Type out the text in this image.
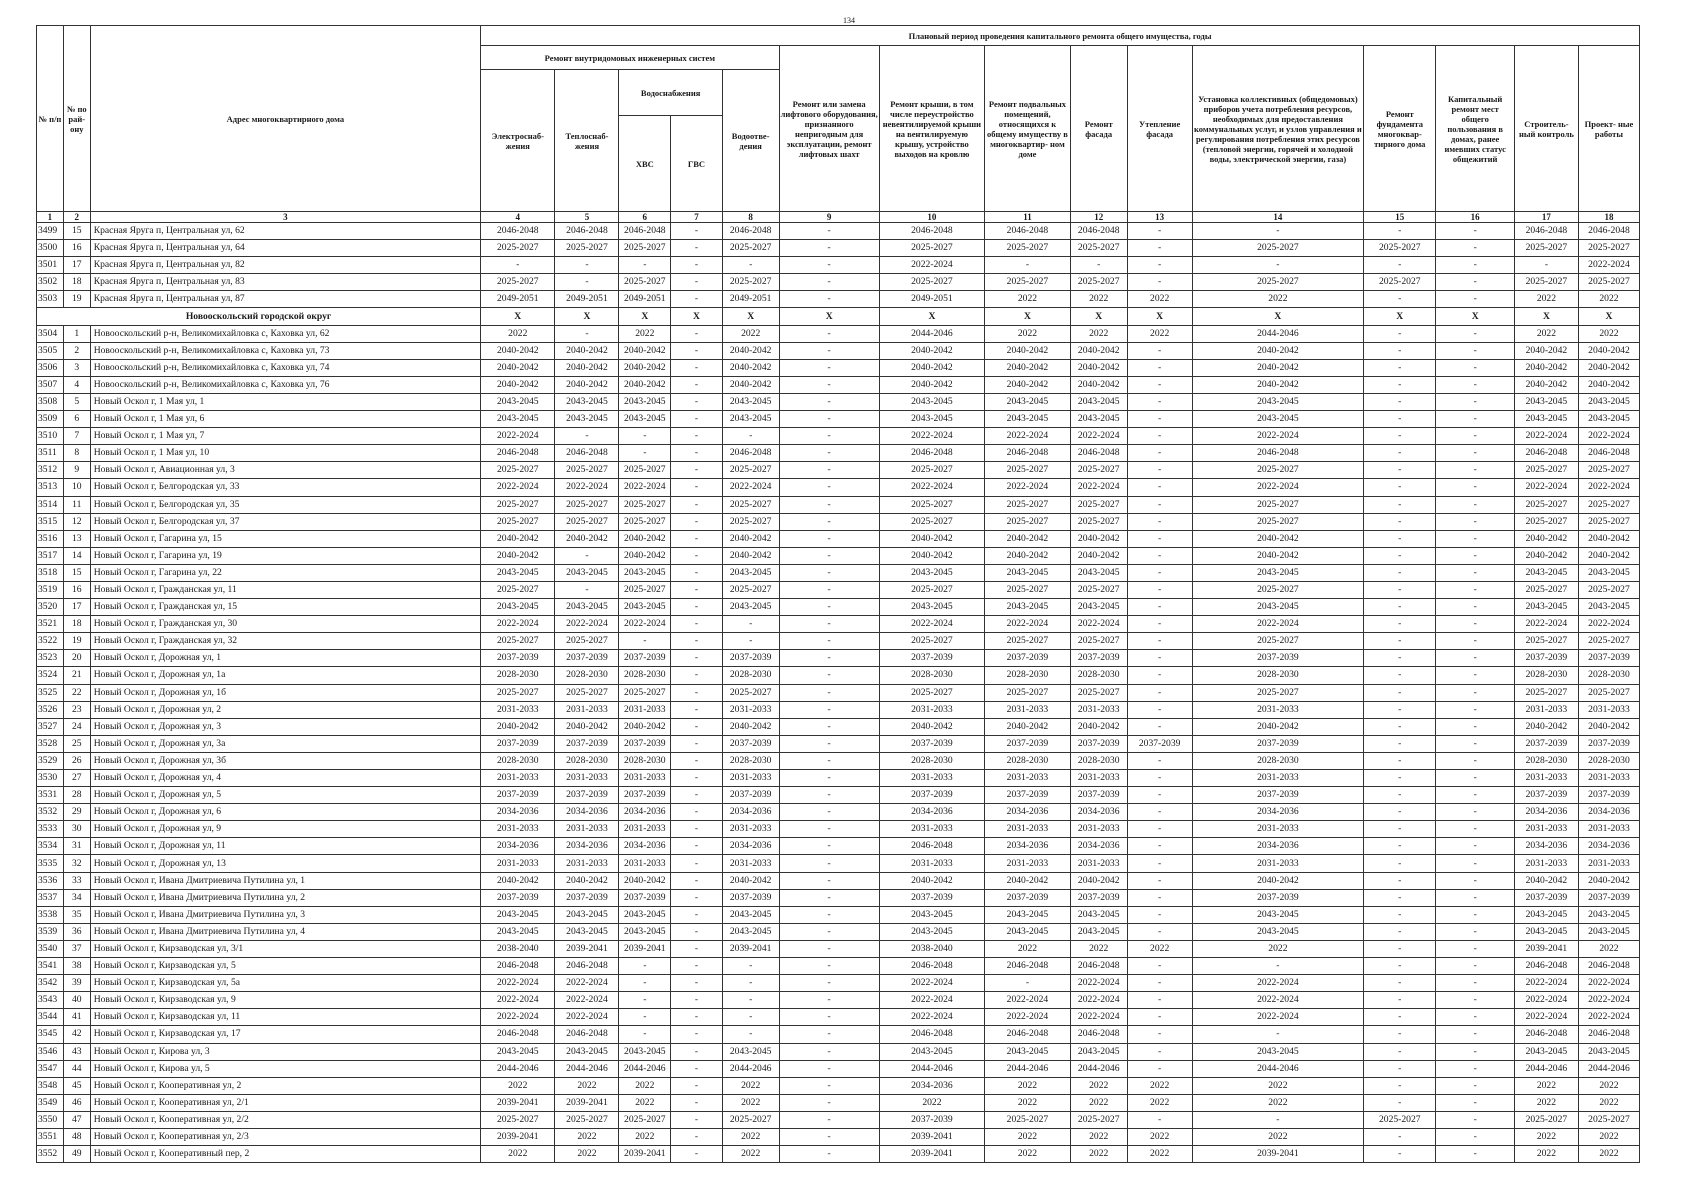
134
№ п/п	№ по рай- ону	Адрес многоквартирного дома	Плановый период проведения капитального ремонта общего имущества, годы														
			Ремонт внутридомовых инженерных систем					Ремонт или замена лифтового оборудования, признанного непригодным для эксплуатации, ремонт лифтовых шахт	Ремонт крыши, в том числе переустройство невентилируемой крыши на вентилируемую крышу, устройство выходов на кровлю	Ремонт подвальных помещений, относящихся к общему имуществу в многоквартир- ном доме	Ремонт фасада	Утепление фасада	Установка коллективных (общедомовых) приборов учета потребления ресурсов, необходимых для предоставления коммунальных услуг, и узлов управления и регулирования потребления этих ресурсов (тепловой энергии, горячей и холодной воды, электрической энергии, газа)	Ремонт фундамента многоквар- тирного дома	Капитальный ремонт мест общего пользования в домах, ранее имевших статус общежитий	Строитель- ный контроль	Проект- ные работы
			Электроснаб- жения	Теплоснаб- жения	Водоснабжения		Водоотве- дения										
					ХВС	ГВС											
1	2	3	4	5	6	7	8	9	10	11	12	13	14	15	16	17	18
3499	15	Красная Яруга п, Центральная ул, 62	2046-2048	2046-2048	2046-2048	-	2046-2048	-	2046-2048	2046-2048	2046-2048	-	-	-	-	2046-2048	2046-2048
3500	16	Красная Яруга п, Центральная ул, 64	2025-2027	2025-2027	2025-2027	-	2025-2027	-	2025-2027	2025-2027	2025-2027	-	2025-2027	2025-2027	-	2025-2027	2025-2027
3501	17	Красная Яруга п, Центральная ул, 82	-	-	-	-	-	-	2022-2024	-	-	-	-	-	-	-	2022-2024
3502	18	Красная Яруга п, Центральная ул, 83	2025-2027	-	2025-2027	-	2025-2027	-	2025-2027	2025-2027	2025-2027	-	2025-2027	2025-2027	-	2025-2027	2025-2027
3503	19	Красная Яруга п, Центральная ул, 87	2049-2051	2049-2051	2049-2051	-	2049-2051	-	2049-2051	2022	2022	2022	2022	-	-	2022	2022
Новооскольский городской округ			X	X	X	X	X	X	X	X	X	X	X	X	X	X	X
3504	1	Новооскольский р-н, Великомихайловка с, Каховка ул, 62	2022	-	2022	-	2022	-	2044-2046	2022	2022	2022	2044-2046	-	-	2022	2022
3505	2	Новооскольский р-н, Великомихайловка с, Каховка ул, 73	2040-2042	2040-2042	2040-2042	-	2040-2042	-	2040-2042	2040-2042	2040-2042	-	2040-2042	-	-	2040-2042	2040-2042
3506	3	Новооскольский р-н, Великомихайловка с, Каховка ул, 74	2040-2042	2040-2042	2040-2042	-	2040-2042	-	2040-2042	2040-2042	2040-2042	-	2040-2042	-	-	2040-2042	2040-2042
3507	4	Новооскольский р-н, Великомихайловка с, Каховка ул, 76	2040-2042	2040-2042	2040-2042	-	2040-2042	-	2040-2042	2040-2042	2040-2042	-	2040-2042	-	-	2040-2042	2040-2042
3508	5	Новый Оскол г, 1 Мая ул, 1	2043-2045	2043-2045	2043-2045	-	2043-2045	-	2043-2045	2043-2045	2043-2045	-	2043-2045	-	-	2043-2045	2043-2045
3509	6	Новый Оскол г, 1 Мая ул, 6	2043-2045	2043-2045	2043-2045	-	2043-2045	-	2043-2045	2043-2045	2043-2045	-	2043-2045	-	-	2043-2045	2043-2045
3510	7	Новый Оскол г, 1 Мая ул, 7	2022-2024	-	-	-	-	-	2022-2024	2022-2024	2022-2024	-	2022-2024	-	-	2022-2024	2022-2024
3511	8	Новый Оскол г, 1 Мая ул, 10	2046-2048	2046-2048	-	-	2046-2048	-	2046-2048	2046-2048	2046-2048	-	2046-2048	-	-	2046-2048	2046-2048
3512	9	Новый Оскол г, Авиационная ул, 3	2025-2027	2025-2027	2025-2027	-	2025-2027	-	2025-2027	2025-2027	2025-2027	-	2025-2027	-	-	2025-2027	2025-2027
3513	10	Новый Оскол г, Белгородская ул, 33	2022-2024	2022-2024	2022-2024	-	2022-2024	-	2022-2024	2022-2024	2022-2024	-	2022-2024	-	-	2022-2024	2022-2024
3514	11	Новый Оскол г, Белгородская ул, 35	2025-2027	2025-2027	2025-2027	-	2025-2027	-	2025-2027	2025-2027	2025-2027	-	2025-2027	-	-	2025-2027	2025-2027
3515	12	Новый Оскол г, Белгородская ул, 37	2025-2027	2025-2027	2025-2027	-	2025-2027	-	2025-2027	2025-2027	2025-2027	-	2025-2027	-	-	2025-2027	2025-2027
3516	13	Новый Оскол г, Гагарина ул, 15	2040-2042	2040-2042	2040-2042	-	2040-2042	-	2040-2042	2040-2042	2040-2042	-	2040-2042	-	-	2040-2042	2040-2042
3517	14	Новый Оскол г, Гагарина ул, 19	2040-2042	-	2040-2042	-	2040-2042	-	2040-2042	2040-2042	2040-2042	-	2040-2042	-	-	2040-2042	2040-2042
3518	15	Новый Оскол г, Гагарина ул, 22	2043-2045	2043-2045	2043-2045	-	2043-2045	-	2043-2045	2043-2045	2043-2045	-	2043-2045	-	-	2043-2045	2043-2045
3519	16	Новый Оскол г, Гражданская ул, 11	2025-2027	-	2025-2027	-	2025-2027	-	2025-2027	2025-2027	2025-2027	-	2025-2027	-	-	2025-2027	2025-2027
3520	17	Новый Оскол г, Гражданская ул, 15	2043-2045	2043-2045	2043-2045	-	2043-2045	-	2043-2045	2043-2045	2043-2045	-	2043-2045	-	-	2043-2045	2043-2045
3521	18	Новый Оскол г, Гражданская ул, 30	2022-2024	2022-2024	2022-2024	-	-	-	2022-2024	2022-2024	2022-2024	-	2022-2024	-	-	2022-2024	2022-2024
3522	19	Новый Оскол г, Гражданская ул, 32	2025-2027	2025-2027	-	-	-	-	2025-2027	2025-2027	2025-2027	-	2025-2027	-	-	2025-2027	2025-2027
3523	20	Новый Оскол г, Дорожная ул, 1	2037-2039	2037-2039	2037-2039	-	2037-2039	-	2037-2039	2037-2039	2037-2039	-	2037-2039	-	-	2037-2039	2037-2039
3524	21	Новый Оскол г, Дорожная ул, 1а	2028-2030	2028-2030	2028-2030	-	2028-2030	-	2028-2030	2028-2030	2028-2030	-	2028-2030	-	-	2028-2030	2028-2030
3525	22	Новый Оскол г, Дорожная ул, 1б	2025-2027	2025-2027	2025-2027	-	2025-2027	-	2025-2027	2025-2027	2025-2027	-	2025-2027	-	-	2025-2027	2025-2027
3526	23	Новый Оскол г, Дорожная ул, 2	2031-2033	2031-2033	2031-2033	-	2031-2033	-	2031-2033	2031-2033	2031-2033	-	2031-2033	-	-	2031-2033	2031-2033
3527	24	Новый Оскол г, Дорожная ул, 3	2040-2042	2040-2042	2040-2042	-	2040-2042	-	2040-2042	2040-2042	2040-2042	-	2040-2042	-	-	2040-2042	2040-2042
3528	25	Новый Оскол г, Дорожная ул, 3а	2037-2039	2037-2039	2037-2039	-	2037-2039	-	2037-2039	2037-2039	2037-2039	2037-2039	2037-2039	-	-	2037-2039	2037-2039
3529	26	Новый Оскол г, Дорожная ул, 3б	2028-2030	2028-2030	2028-2030	-	2028-2030	-	2028-2030	2028-2030	2028-2030	-	2028-2030	-	-	2028-2030	2028-2030
3530	27	Новый Оскол г, Дорожная ул, 4	2031-2033	2031-2033	2031-2033	-	2031-2033	-	2031-2033	2031-2033	2031-2033	-	2031-2033	-	-	2031-2033	2031-2033
3531	28	Новый Оскол г, Дорожная ул, 5	2037-2039	2037-2039	2037-2039	-	2037-2039	-	2037-2039	2037-2039	2037-2039	-	2037-2039	-	-	2037-2039	2037-2039
3532	29	Новый Оскол г, Дорожная ул, 6	2034-2036	2034-2036	2034-2036	-	2034-2036	-	2034-2036	2034-2036	2034-2036	-	2034-2036	-	-	2034-2036	2034-2036
3533	30	Новый Оскол г, Дорожная ул, 9	2031-2033	2031-2033	2031-2033	-	2031-2033	-	2031-2033	2031-2033	2031-2033	-	2031-2033	-	-	2031-2033	2031-2033
3534	31	Новый Оскол г, Дорожная ул, 11	2034-2036	2034-2036	2034-2036	-	2034-2036	-	2046-2048	2034-2036	2034-2036	-	2034-2036	-	-	2034-2036	2034-2036
3535	32	Новый Оскол г, Дорожная ул, 13	2031-2033	2031-2033	2031-2033	-	2031-2033	-	2031-2033	2031-2033	2031-2033	-	2031-2033	-	-	2031-2033	2031-2033
3536	33	Новый Оскол г, Ивана Дмитриевича Путилина ул, 1	2040-2042	2040-2042	2040-2042	-	2040-2042	-	2040-2042	2040-2042	2040-2042	-	2040-2042	-	-	2040-2042	2040-2042
3537	34	Новый Оскол г, Ивана Дмитриевича Путилина ул, 2	2037-2039	2037-2039	2037-2039	-	2037-2039	-	2037-2039	2037-2039	2037-2039	-	2037-2039	-	-	2037-2039	2037-2039
3538	35	Новый Оскол г, Ивана Дмитриевича Путилина ул, 3	2043-2045	2043-2045	2043-2045	-	2043-2045	-	2043-2045	2043-2045	2043-2045	-	2043-2045	-	-	2043-2045	2043-2045
3539	36	Новый Оскол г, Ивана Дмитриевича Путилина ул, 4	2043-2045	2043-2045	2043-2045	-	2043-2045	-	2043-2045	2043-2045	2043-2045	-	2043-2045	-	-	2043-2045	2043-2045
3540	37	Новый Оскол г, Кирзаводская ул, 3/1	2038-2040	2039-2041	2039-2041	-	2039-2041	-	2038-2040	2022	2022	2022	2022	-	-	2039-2041	2022
3541	38	Новый Оскол г, Кирзаводская ул, 5	2046-2048	2046-2048	-	-	-	-	2046-2048	2046-2048	2046-2048	-	-	-	-	2046-2048	2046-2048
3542	39	Новый Оскол г, Кирзаводская ул, 5а	2022-2024	2022-2024	-	-	-	-	2022-2024	-	2022-2024	-	2022-2024	-	-	2022-2024	2022-2024
3543	40	Новый Оскол г, Кирзаводская ул, 9	2022-2024	2022-2024	-	-	-	-	2022-2024	2022-2024	2022-2024	-	2022-2024	-	-	2022-2024	2022-2024
3544	41	Новый Оскол г, Кирзаводская ул, 11	2022-2024	2022-2024	-	-	-	-	2022-2024	2022-2024	2022-2024	-	2022-2024	-	-	2022-2024	2022-2024
3545	42	Новый Оскол г, Кирзаводская ул, 17	2046-2048	2046-2048	-	-	-	-	2046-2048	2046-2048	2046-2048	-	-	-	-	2046-2048	2046-2048
3546	43	Новый Оскол г, Кирова ул, 3	2043-2045	2043-2045	2043-2045	-	2043-2045	-	2043-2045	2043-2045	2043-2045	-	2043-2045	-	-	2043-2045	2043-2045
3547	44	Новый Оскол г, Кирова ул, 5	2044-2046	2044-2046	2044-2046	-	2044-2046	-	2044-2046	2044-2046	2044-2046	-	2044-2046	-	-	2044-2046	2044-2046
3548	45	Новый Оскол г, Кооперативная ул, 2	2022	2022	2022	-	2022	-	2034-2036	2022	2022	2022	2022	-	-	2022	2022
3549	46	Новый Оскол г, Кооперативная ул, 2/1	2039-2041	2039-2041	2022	-	2022	-	2022	2022	2022	2022	2022	-	-	2022	2022
3550	47	Новый Оскол г, Кооперативная ул, 2/2	2025-2027	2025-2027	2025-2027	-	2025-2027	-	2037-2039	2025-2027	2025-2027	-	-	2025-2027	-	2025-2027	2025-2027
3551	48	Новый Оскол г, Кооперативная ул, 2/3	2039-2041	2022	2022	-	2022	-	2039-2041	2022	2022	2022	2022	-	-	2022	2022
3552	49	Новый Оскол г, Кооперативный пер, 2	2022	2022	2039-2041	-	2022	-	2039-2041	2022	2022	2022	2039-2041	-	-	2022	2022
